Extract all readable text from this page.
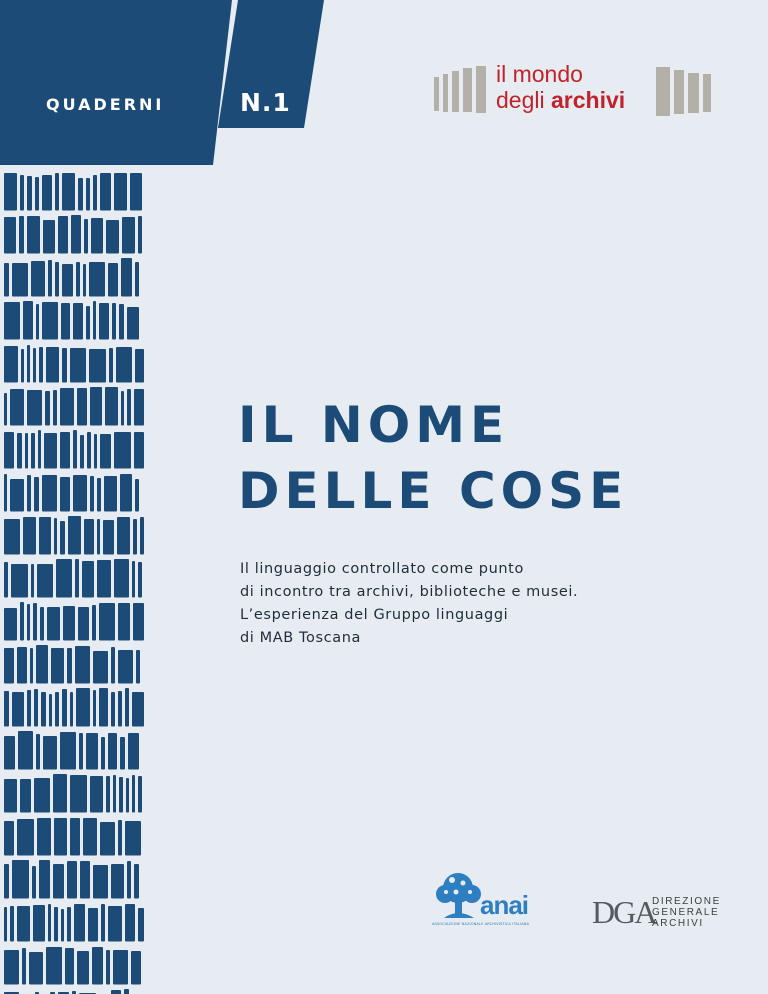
QUADERNI	N.1
il mondo
degli archivi
IL NOME
DELLE COSE
Il linguaggio controllato come punto
di incontro tra archivi, biblioteche e musei.
L’esperienza del Gruppo linguaggi
di MAB Toscana
anai
ASSOCIAZIONE NAZIONALE ARCHIVISTICA ITALIANA	DGA
DIREZIONE
GENERALE
ARCHIVI
